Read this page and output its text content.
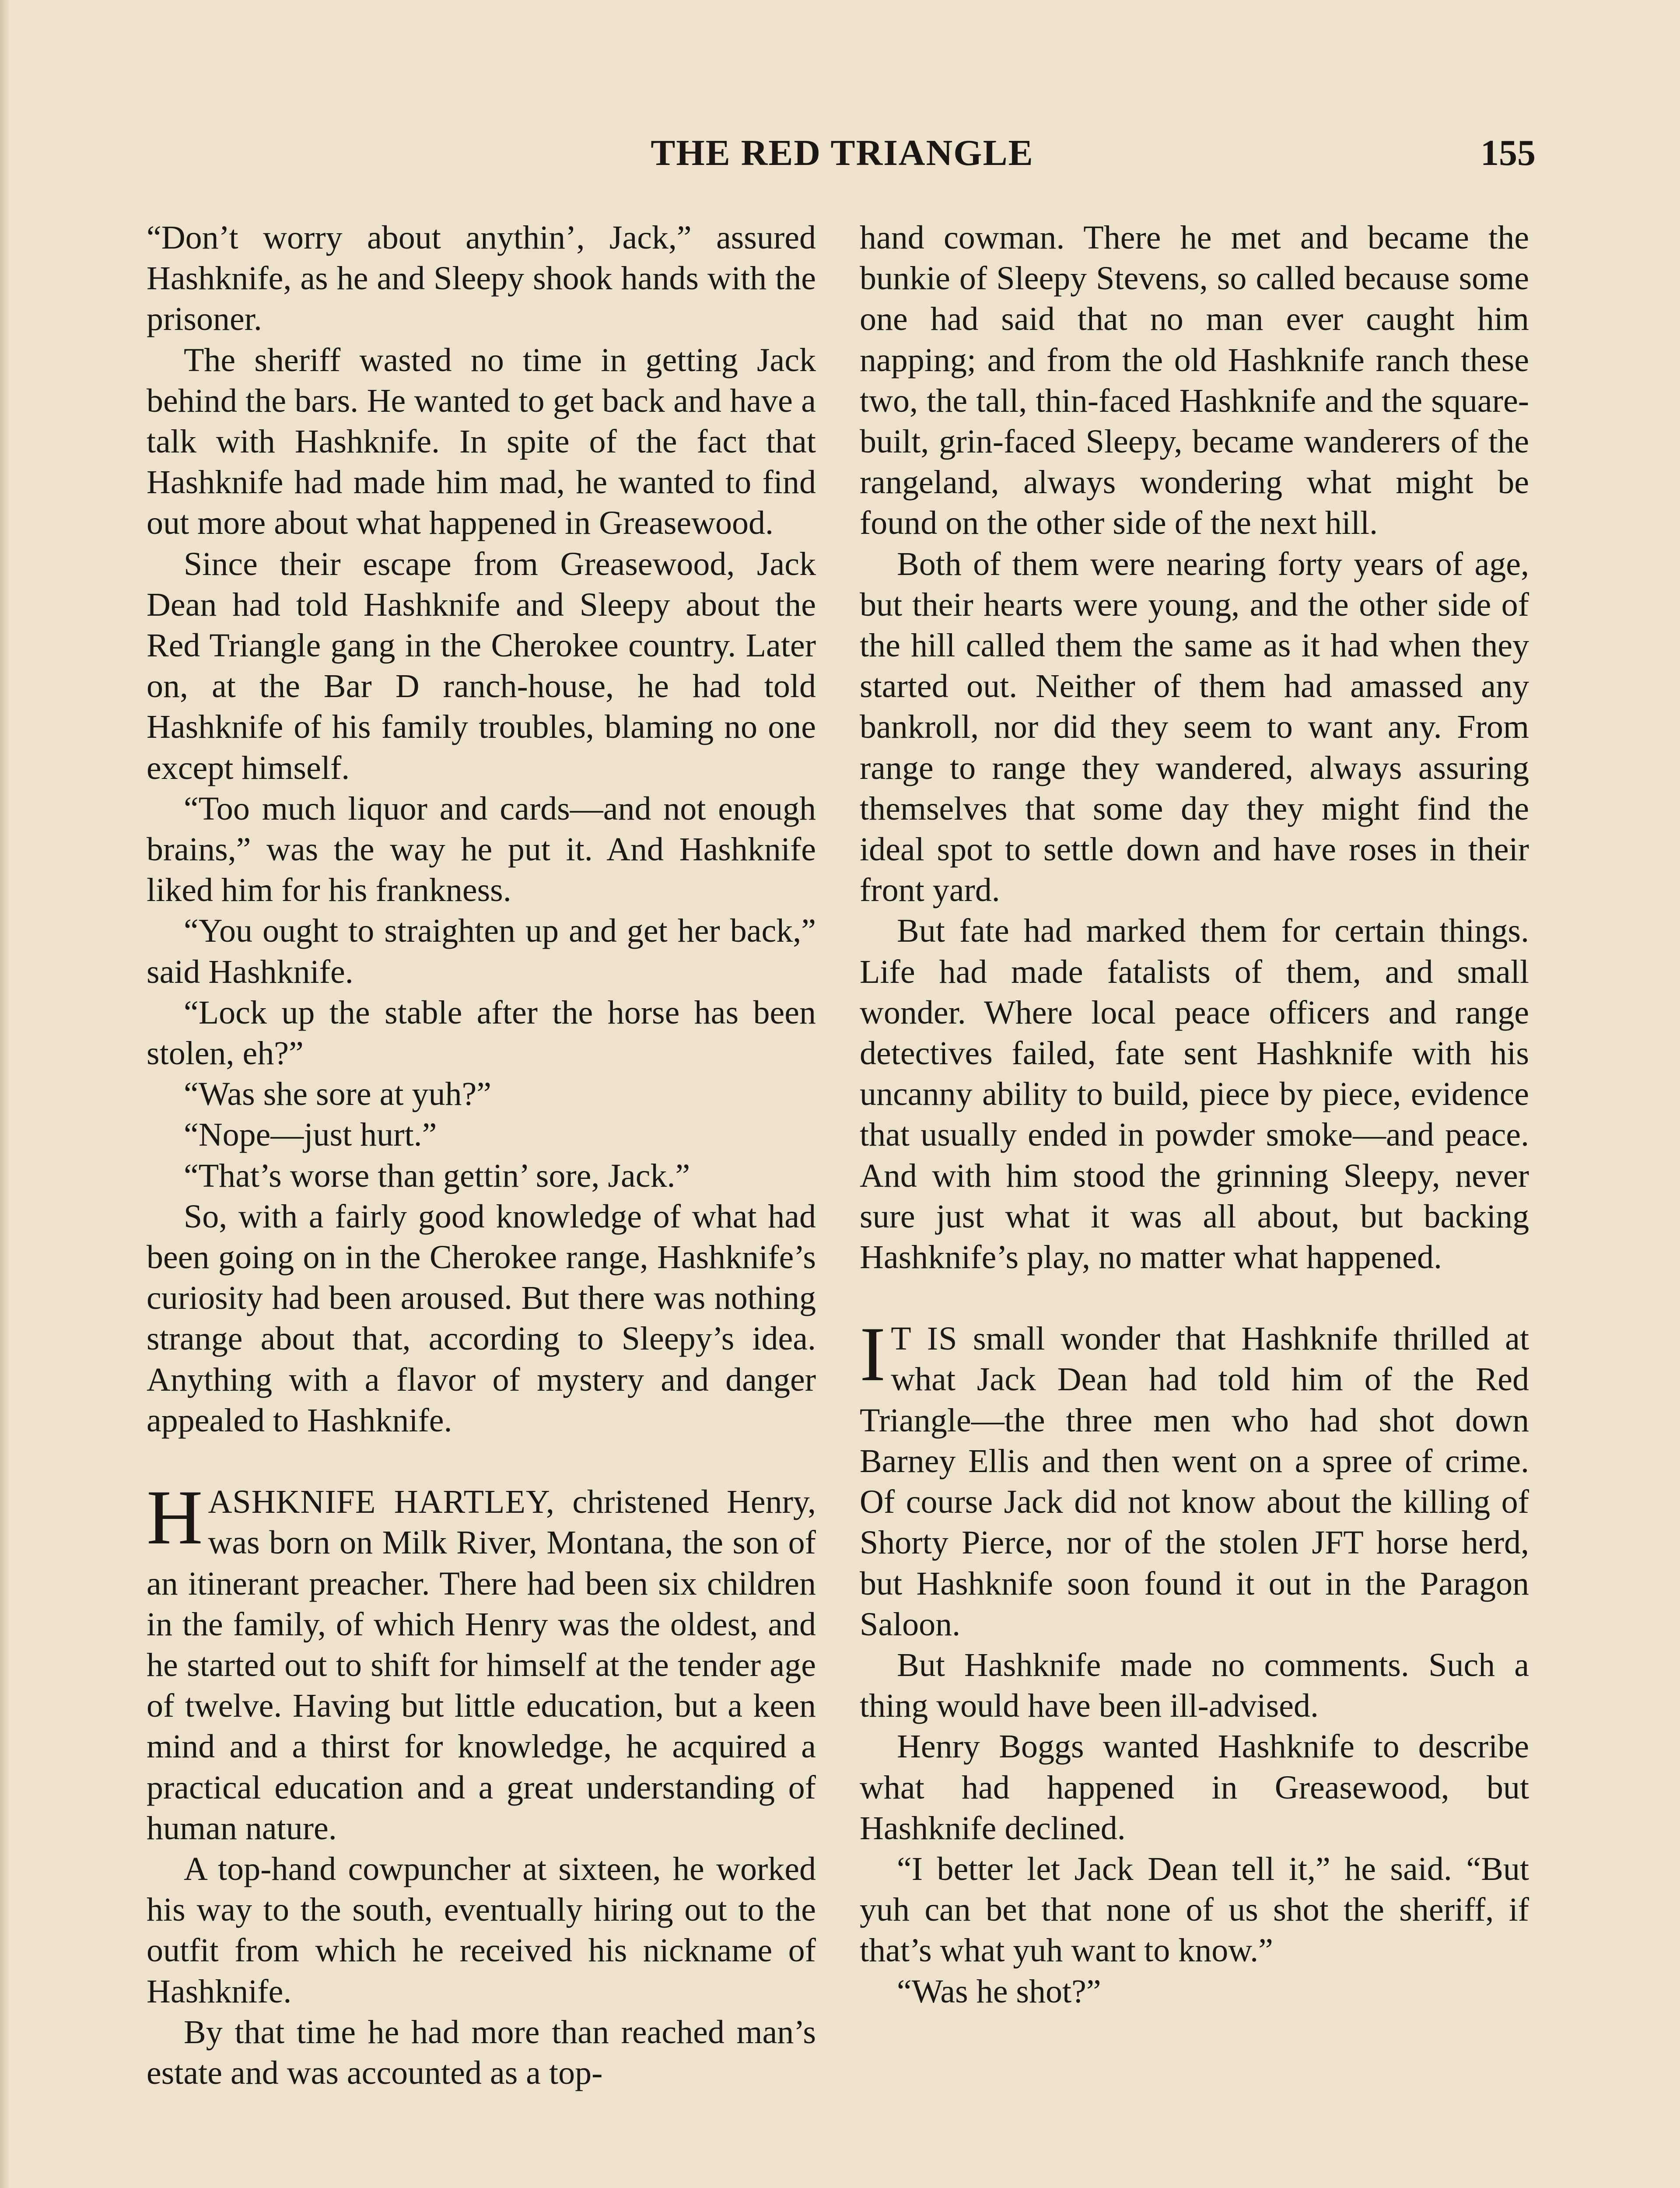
THE RED TRIANGLE	155

“Don’t worry about anythin’, Jack,” assured Hashknife, as he and Sleepy shook hands with the prisoner.

The sheriff wasted no time in getting Jack behind the bars. He wanted to get back and have a talk with Hashknife. In spite of the fact that Hashknife had made him mad, he wanted to find out more about what happened in Greasewood.

Since their escape from Greasewood, Jack Dean had told Hashknife and Sleepy about the Red Triangle gang in the Cherokee country. Later on, at the Bar D ranch-house, he had told Hashknife of his family troubles, blaming no one except himself.

“Too much liquor and cards—and not enough brains,” was the way he put it. And Hashknife liked him for his frankness.

“You ought to straighten up and get her back,” said Hashknife.

“Lock up the stable after the horse has been stolen, eh?”

“Was she sore at yuh?”

“Nope—just hurt.”

“That’s worse than gettin’ sore, Jack.”

So, with a fairly good knowledge of what had been going on in the Cherokee range, Hashknife’s curiosity had been aroused. But there was nothing strange about that, according to Sleepy’s idea. Anything with a flavor of mystery and danger appealed to Hashknife.

HASHKNIFE HARTLEY, christened Henry, was born on Milk River, Montana, the son of an itinerant preacher. There had been six children in the family, of which Henry was the oldest, and he started out to shift for himself at the tender age of twelve. Having but little education, but a keen mind and a thirst for knowledge, he acquired a practical education and a great understanding of human nature.

A top-hand cowpuncher at sixteen, he worked his way to the south, eventually hiring out to the outfit from which he received his nickname of Hashknife.

By that time he had more than reached man’s estate and was accounted as a top-

hand cowman. There he met and became the bunkie of Sleepy Stevens, so called because some one had said that no man ever caught him napping; and from the old Hashknife ranch these two, the tall, thin-faced Hashknife and the square-built, grin-faced Sleepy, became wanderers of the rangeland, always wondering what might be found on the other side of the next hill.

Both of them were nearing forty years of age, but their hearts were young, and the other side of the hill called them the same as it had when they started out. Neither of them had amassed any bankroll, nor did they seem to want any. From range to range they wandered, always assuring themselves that some day they might find the ideal spot to settle down and have roses in their front yard.

But fate had marked them for certain things. Life had made fatalists of them, and small wonder. Where local peace officers and range detectives failed, fate sent Hashknife with his uncanny ability to build, piece by piece, evidence that usually ended in powder smoke—and peace. And with him stood the grinning Sleepy, never sure just what it was all about, but backing Hashknife’s play, no matter what happened.

I T IS small wonder that Hashknife thrilled at what Jack Dean had told him of the Red Triangle—the three men who had shot down Barney Ellis and then went on a spree of crime. Of course Jack did not know about the killing of Shorty Pierce, nor of the stolen JFT horse herd, but Hashknife soon found it out in the Paragon Saloon.

But Hashknife made no comments. Such a thing would have been ill-advised.

Henry Boggs wanted Hashknife to describe what had happened in Greasewood, but Hashknife declined.

“I better let Jack Dean tell it,” he said. “But yuh can bet that none of us shot the sheriff, if that’s what yuh want to know.”

“Was he shot?”
